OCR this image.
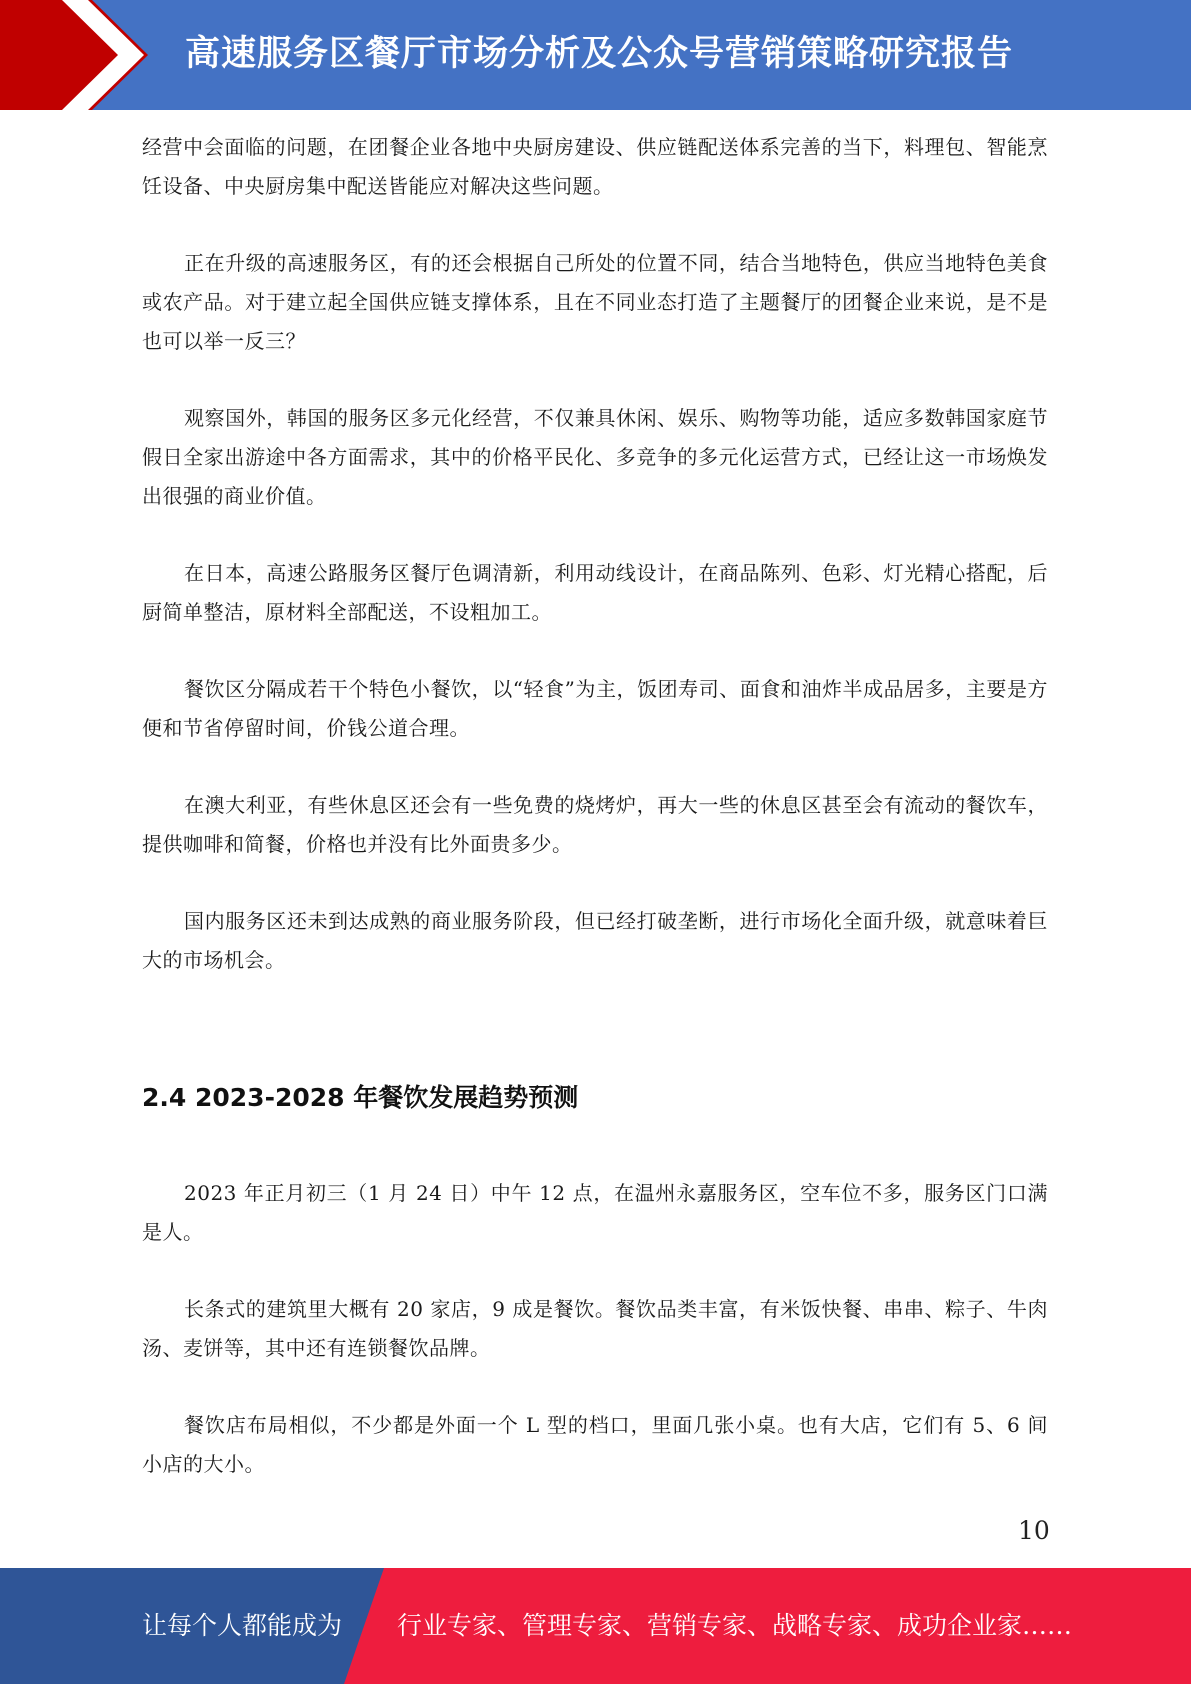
高速服务区餐厅市场分析及公众号营销策略研究报告

经营中会面临的问题，在团餐企业各地中央厨房建设、供应链配送体系完善的当下，料理包、智能烹饪设备、中央厨房集中配送皆能应对解决这些问题。

正在升级的高速服务区，有的还会根据自己所处的位置不同，结合当地特色，供应当地特色美食或农产品。对于建立起全国供应链支撑体系，且在不同业态打造了主题餐厅的团餐企业来说，是不是也可以举一反三？

观察国外，韩国的服务区多元化经营，不仅兼具休闲、娱乐、购物等功能，适应多数韩国家庭节假日全家出游途中各方面需求，其中的价格平民化、多竞争的多元化运营方式，已经让这一市场焕发出很强的商业价值。

在日本，高速公路服务区餐厅色调清新，利用动线设计，在商品陈列、色彩、灯光精心搭配，后厨简单整洁，原材料全部配送，不设粗加工。

餐饮区分隔成若干个特色小餐饮，以“轻食”为主，饭团寿司、面食和油炸半成品居多，主要是方便和节省停留时间，价钱公道合理。

在澳大利亚，有些休息区还会有一些免费的烧烤炉，再大一些的休息区甚至会有流动的餐饮车，提供咖啡和简餐，价格也并没有比外面贵多少。

国内服务区还未到达成熟的商业服务阶段，但已经打破垄断，进行市场化全面升级，就意味着巨大的市场机会。

2.4 2023-2028 年餐饮发展趋势预测

2023 年正月初三（1 月 24 日）中午 12 点，在温州永嘉服务区，空车位不多，服务区门口满是人。

长条式的建筑里大概有 20 家店，9 成是餐饮。餐饮品类丰富，有米饭快餐、串串、粽子、牛肉汤、麦饼等，其中还有连锁餐饮品牌。

餐饮店布局相似，不少都是外面一个 L 型的档口，里面几张小桌。也有大店，它们有 5、6 间小店的大小。

10
让每个人都能成为 行业专家、管理专家、营销专家、战略专家、成功企业家……
